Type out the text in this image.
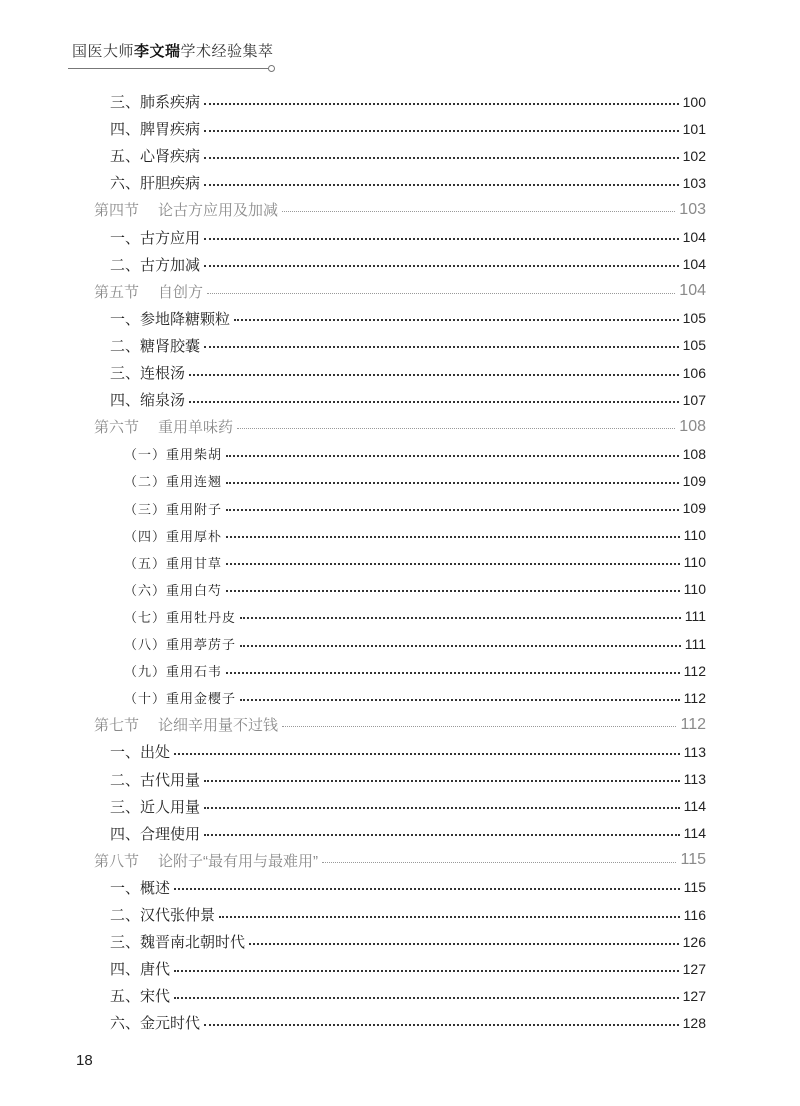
国医大师李文瑞学术经验集萃
三、肺系疾病	100
四、脾胃疾病	101
五、心肾疾病	102
六、肝胆疾病	103
第四节 论古方应用及加减	103
一、古方应用	104
二、古方加减	104
第五节 自创方	104
一、参地降糖颗粒	105
二、糖肾胶囊	105
三、连根汤	106
四、缩泉汤	107
第六节 重用单味药	108
（一）重用柴胡	108
（二）重用连翘	109
（三）重用附子	109
（四）重用厚朴	110
（五）重用甘草	110
（六）重用白芍	110
（七）重用牡丹皮	111
（八）重用葶苈子	111
（九）重用石韦	112
（十）重用金樱子	112
第七节 论细辛用量不过钱	112
一、出处	113
二、古代用量	113
三、近人用量	114
四、合理使用	114
第八节 论附子“最有用与最难用”	115
一、概述	115
二、汉代张仲景	116
三、魏晋南北朝时代	126
四、唐代	127
五、宋代	127
六、金元时代	128
18
